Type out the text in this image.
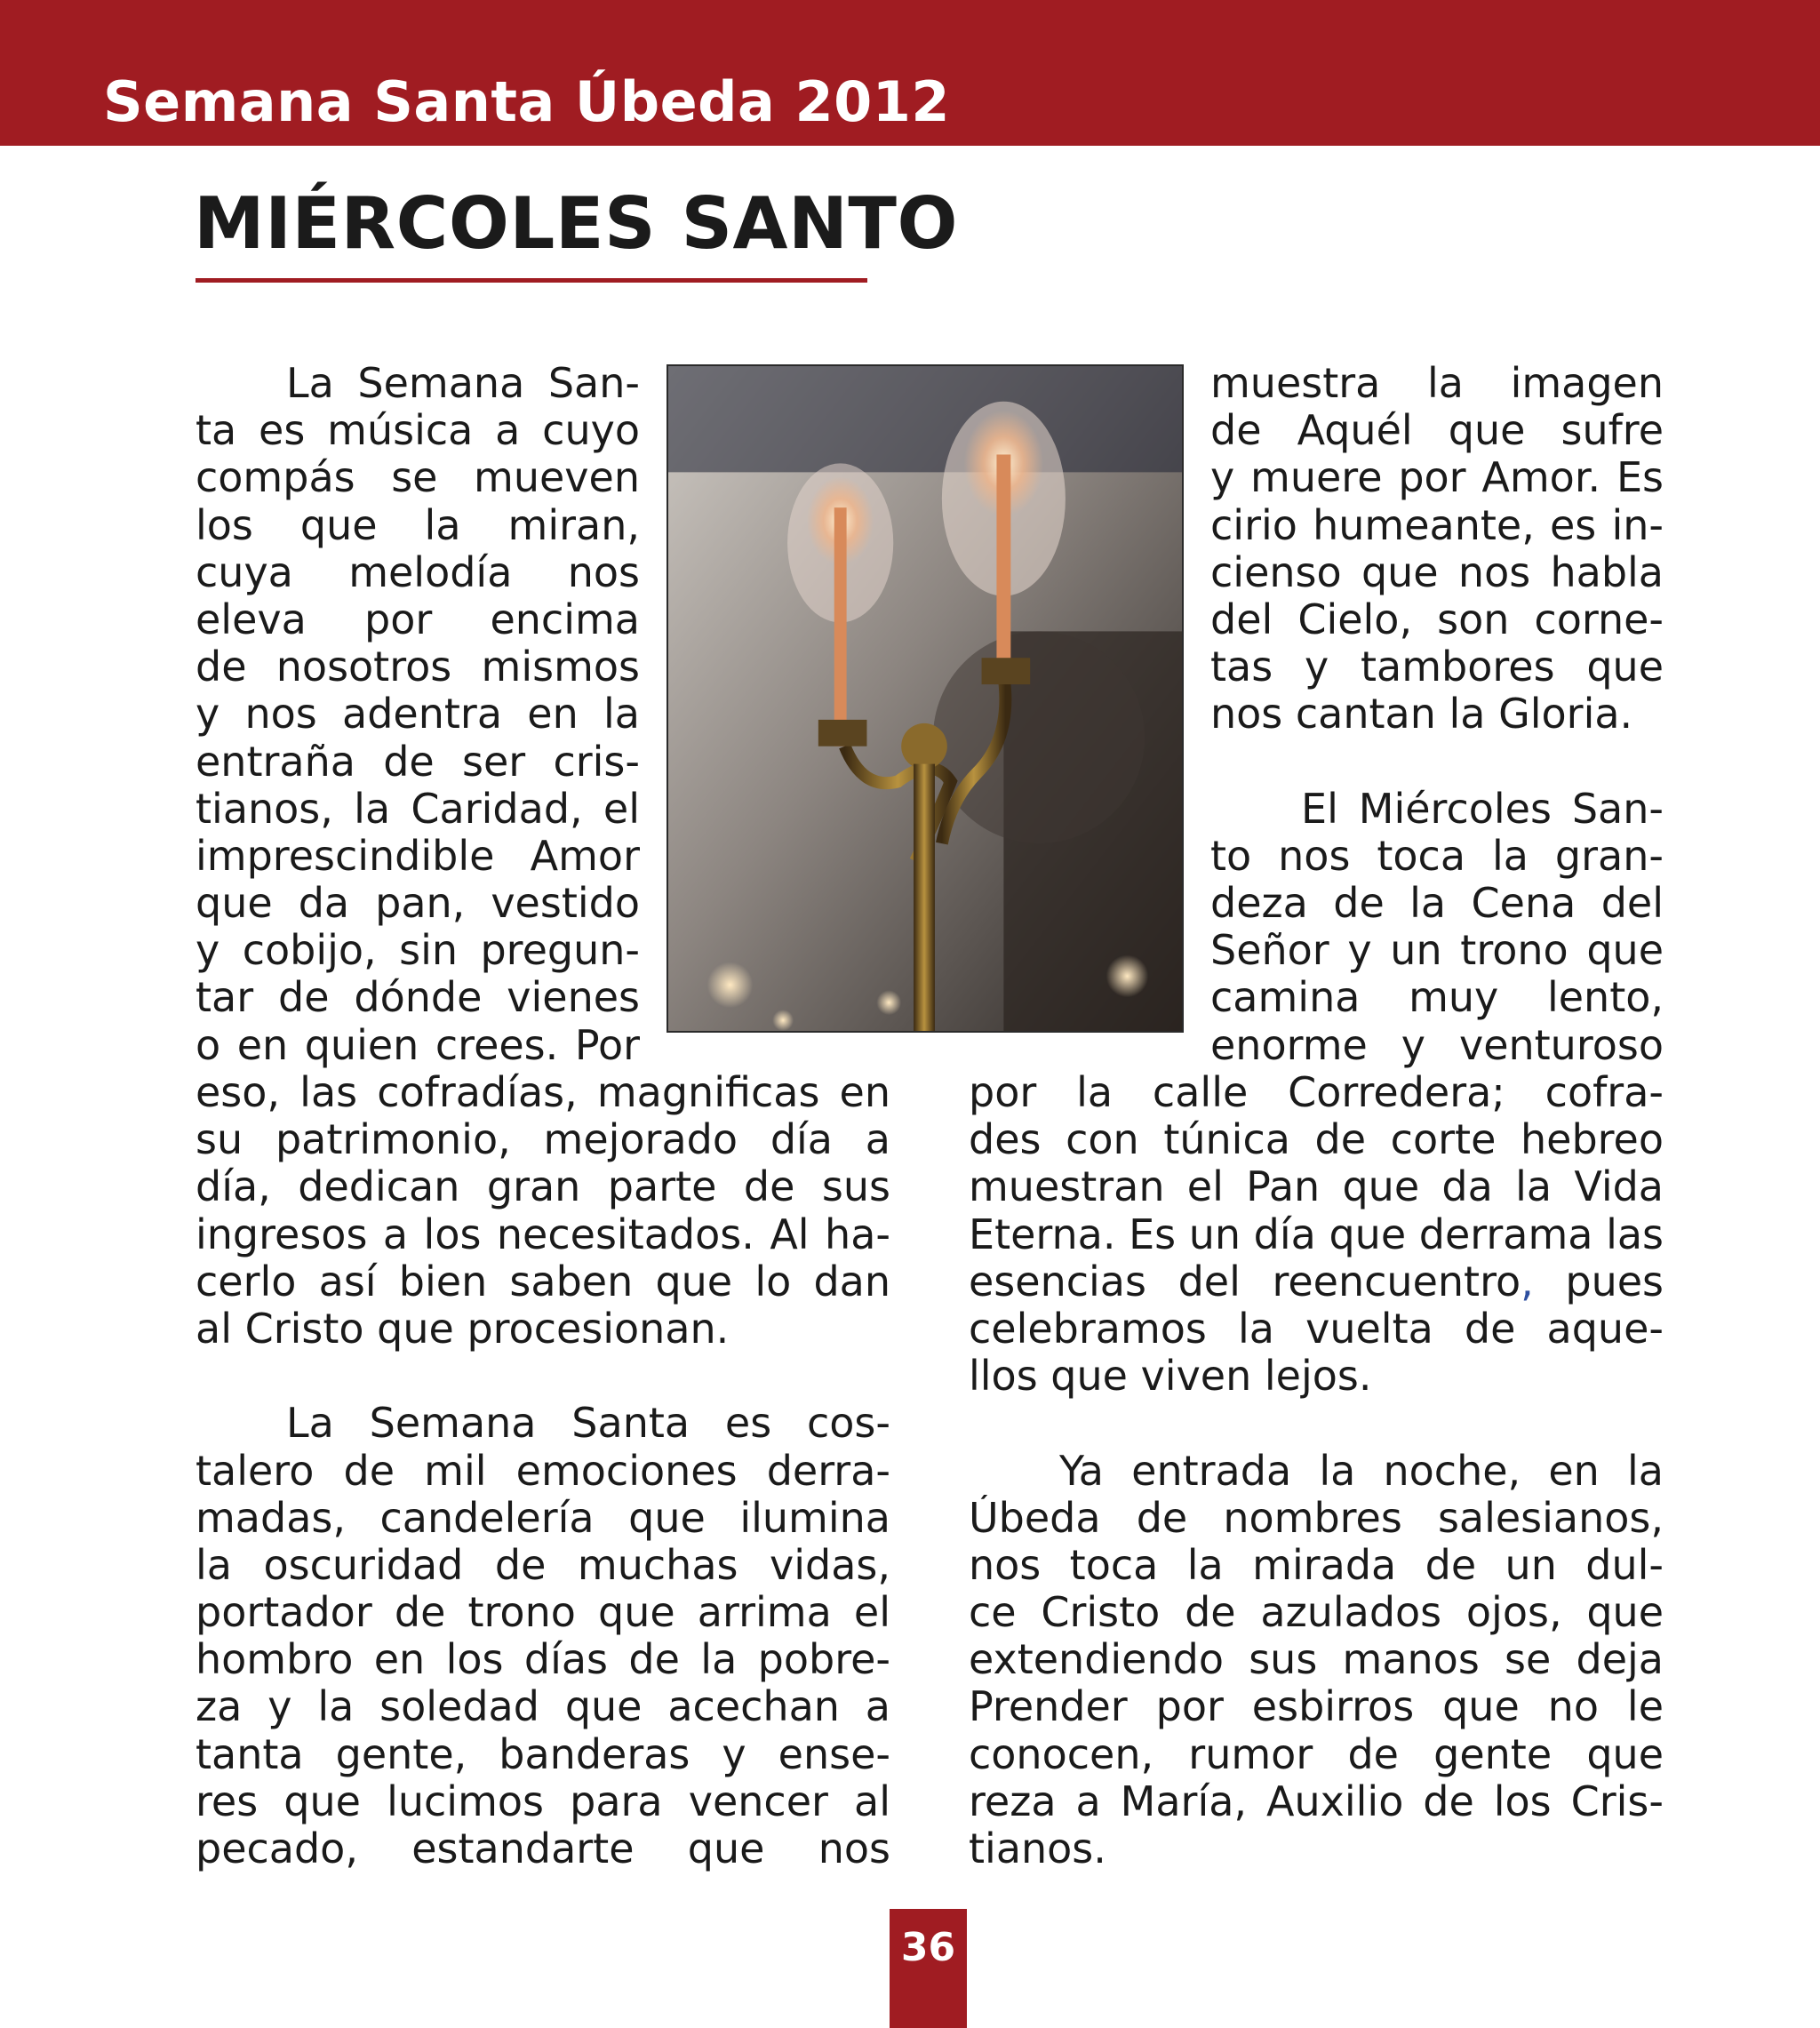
Semana Santa Úbeda 2012
MIÉRCOLES SANTO

La Semana San-
ta es música a cuyo
compás se mueven
los que la miran,
cuya melodía nos
eleva por encima
de nosotros mismos
y nos adentra en la
entraña de ser cris-
tianos, la Caridad, el
imprescindible Amor
que da pan, vestido
y cobijo, sin pregun-
tar de dónde vienes
o en quien crees. Por

eso, las cofradías, magnificas en
su patrimonio, mejorado día a
día, dedican gran parte de sus
ingresos a los necesitados. Al ha-
cerlo así bien saben que lo dan
al Cristo que procesionan.

La Semana Santa es cos-
talero de mil emociones derra-
madas, candelería que ilumina
la oscuridad de muchas vidas,
portador de trono que arrima el
hombro en los días de la pobre-
za y la soledad que acechan a
tanta gente, banderas y ense-
res que lucimos para vencer al
pecado, estandarte que nos

muestra la imagen
de Aquél que sufre
y muere por Amor. Es
cirio humeante, es in-
cienso que nos habla
del Cielo, son corne-
tas y tambores que
nos cantan la Gloria.

El Miércoles San-
to nos toca la gran-
deza de la Cena del
Señor y un trono que
camina muy lento,
enorme y venturoso

por la calle Corredera; cofra-
des con túnica de corte hebreo
muestran el Pan que da la Vida
Eterna. Es un día que derrama las
esencias del reencuentro, pues
celebramos la vuelta de aque-
llos que viven lejos.

Ya entrada la noche, en la
Úbeda de nombres salesianos,
nos toca la mirada de un dul-
ce Cristo de azulados ojos, que
extendiendo sus manos se deja
Prender por esbirros que no le
conocen, rumor de gente que
reza a María, Auxilio de los Cris-
tianos.

36
